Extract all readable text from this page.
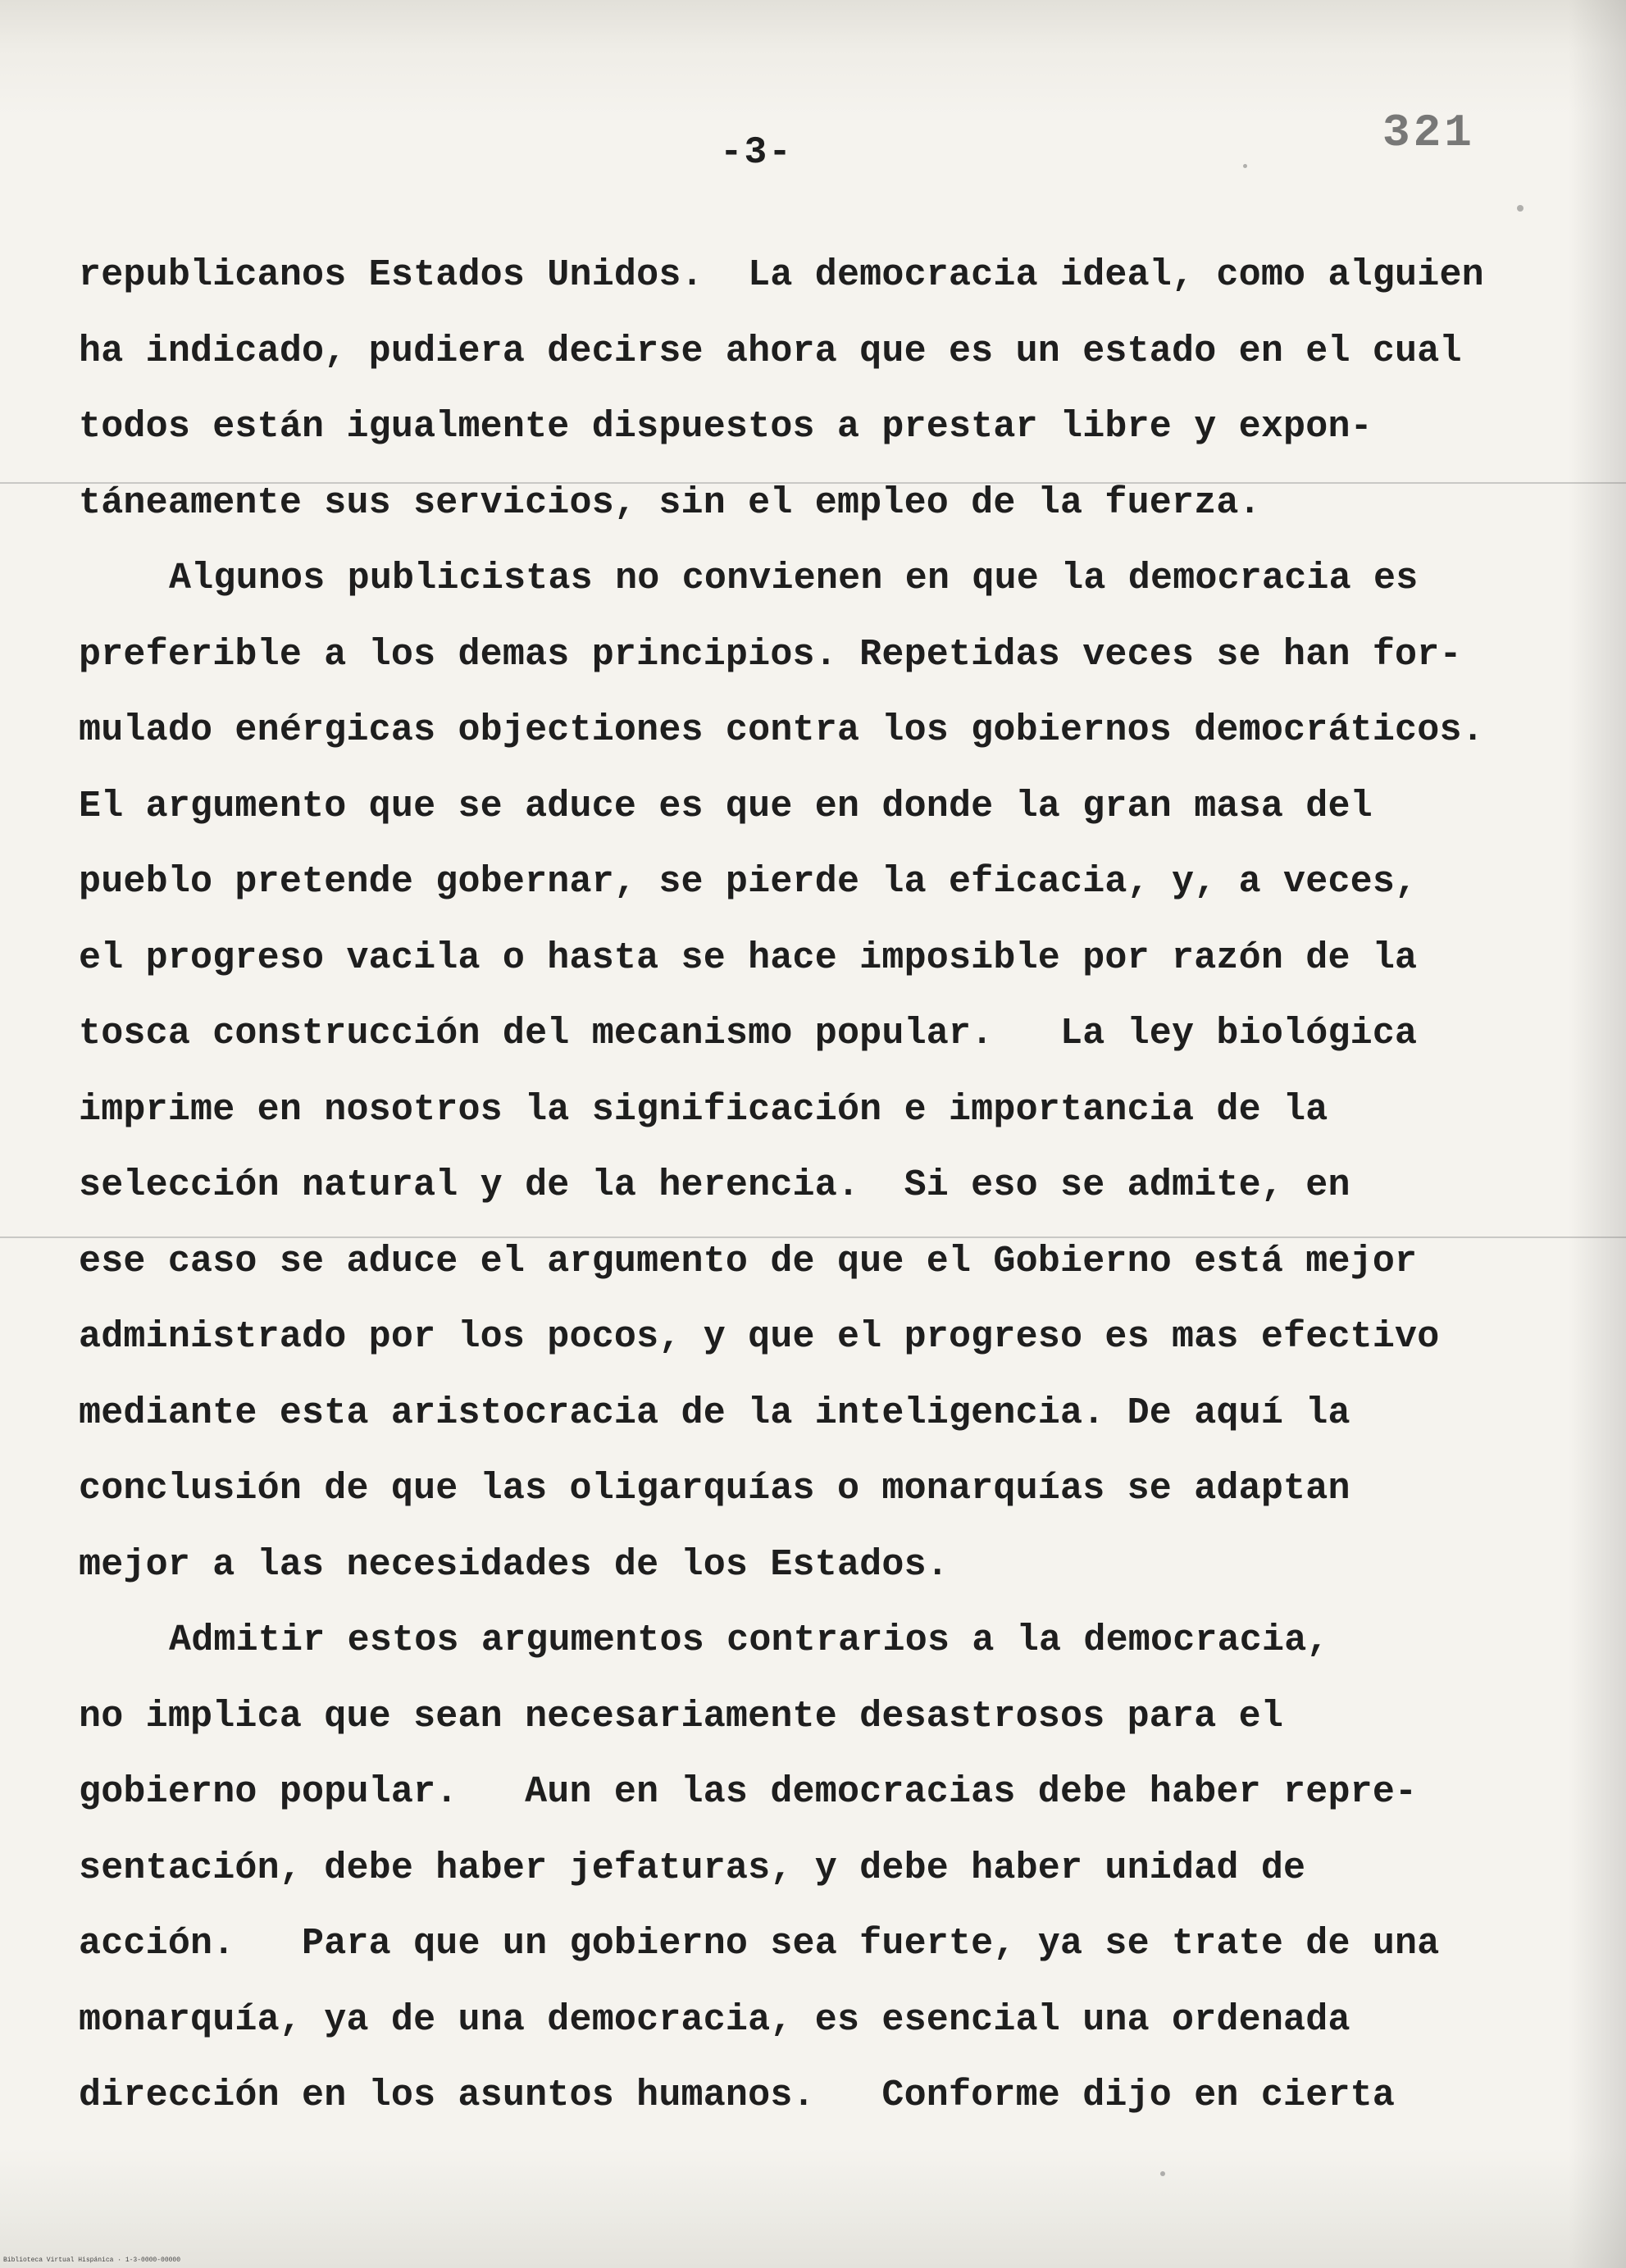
-3-	321
republicanos Estados Unidos.  La democracia ideal, como alguien
ha indicado, pudiera decirse ahora que es un estado en el cual
todos están igualmente dispuestos a prestar libre y expon-
táneamente sus servicios, sin el empleo de la fuerza.
Algunos publicistas no convienen en que la democracia es
preferible a los demas principios. Repetidas veces se han for-
mulado enérgicas objectiones contra los gobiernos democráticos.
El argumento que se aduce es que en donde la gran masa del
pueblo pretende gobernar, se pierde la eficacia, y, a veces,
el progreso vacila o hasta se hace imposible por razón de la
tosca construcción del mecanismo popular.   La ley biológica
imprime en nosotros la significación e importancia de la
selección natural y de la herencia.  Si eso se admite, en
ese caso se aduce el argumento de que el Gobierno está mejor
administrado por los pocos, y que el progreso es mas efectivo
mediante esta aristocracia de la inteligencia. De aquí la
conclusión de que las oligarquías o monarquías se adaptan
mejor a las necesidades de los Estados.
Admitir estos argumentos contrarios a la democracia,
no implica que sean necesariamente desastrosos para el
gobierno popular.   Aun en las democracias debe haber repre-
sentación, debe haber jefaturas, y debe haber unidad de
acción.   Para que un gobierno sea fuerte, ya se trate de una
monarquía, ya de una democracia, es esencial una ordenada
dirección en los asuntos humanos.   Conforme dijo en cierta
Biblioteca Virtual Hispánica · 1-3-0000-00000
